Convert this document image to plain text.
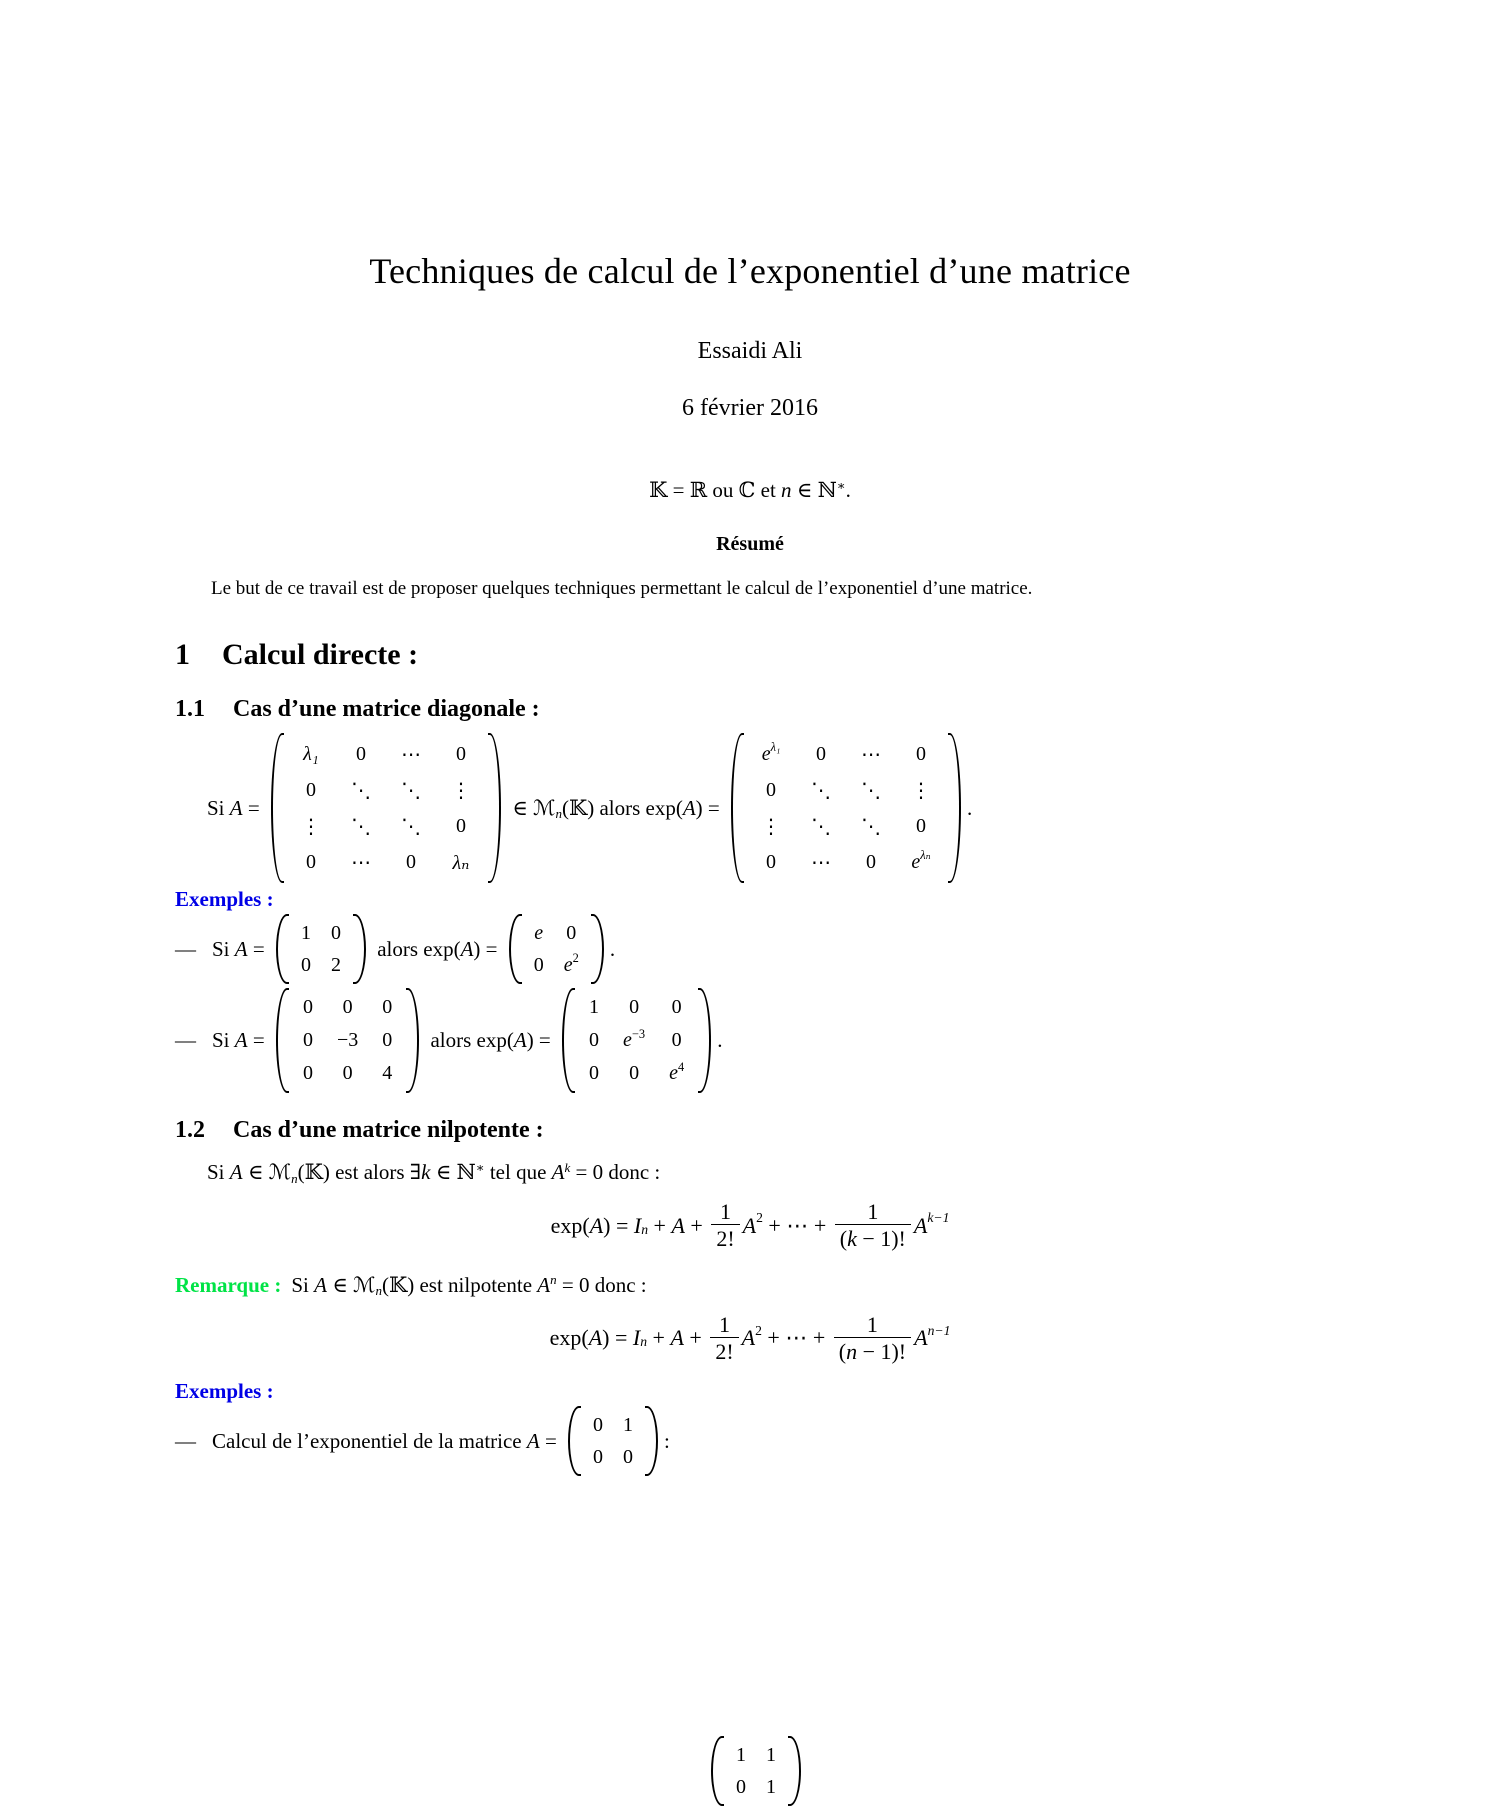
Techniques de calcul de l’exponentiel d’une matrice
Essaidi Ali
6 février 2016
𝕂 = ℝ ou ℂ et n ∈ ℕ∗.
Résumé
Le but de ce travail est de proposer quelques techniques permettant le calcul de l’exponentiel d’une matrice.
1 Calcul directe :
1.1 Cas d’une matrice diagonale :
Si A =
λ₁	0	⋯	0
0	⋱	⋱	⋮
⋮	⋱	⋱	0
0	⋯	0	λₙ
∈ ℳn(𝕂) alors exp(A) =
e λ₁	0	⋯	0
0	⋱	⋱	⋮
⋮	⋱	⋱	0
0	⋯	0	e λₙ
.
Exemples :
— Si A =
1	0
0	2
alors exp(A) =
e	0
0	e 2 .
— Si A =
0	0	0
0	−3	0
0	0	4
alors exp(A) =
1	0	0
0	e −3	0
0	0	e 4
.
1.2 Cas d’une matrice nilpotente :
Si A ∈ ℳn(𝕂) est alors ∃k ∈ ℕ∗ tel que $A^k = 0$ donc :
exp( A ) = I $n + A + \frac{1}{2!}$ A 2 + ⋯ + $\frac{1}{(k - 1)!}$ A k−1
Remarque : Si A ∈ ℳn(𝕂) est nilpotente $A^n = 0$ donc :
exp( A ) = I $n + A + \frac{1}{2!}$ A 2 + ⋯ + $\frac{1}{(n - 1)!}$ A n−1
Exemples :
— Calcul de l’exponentiel de la matrice A =
0	1
0	0
:
1	1
0	1
